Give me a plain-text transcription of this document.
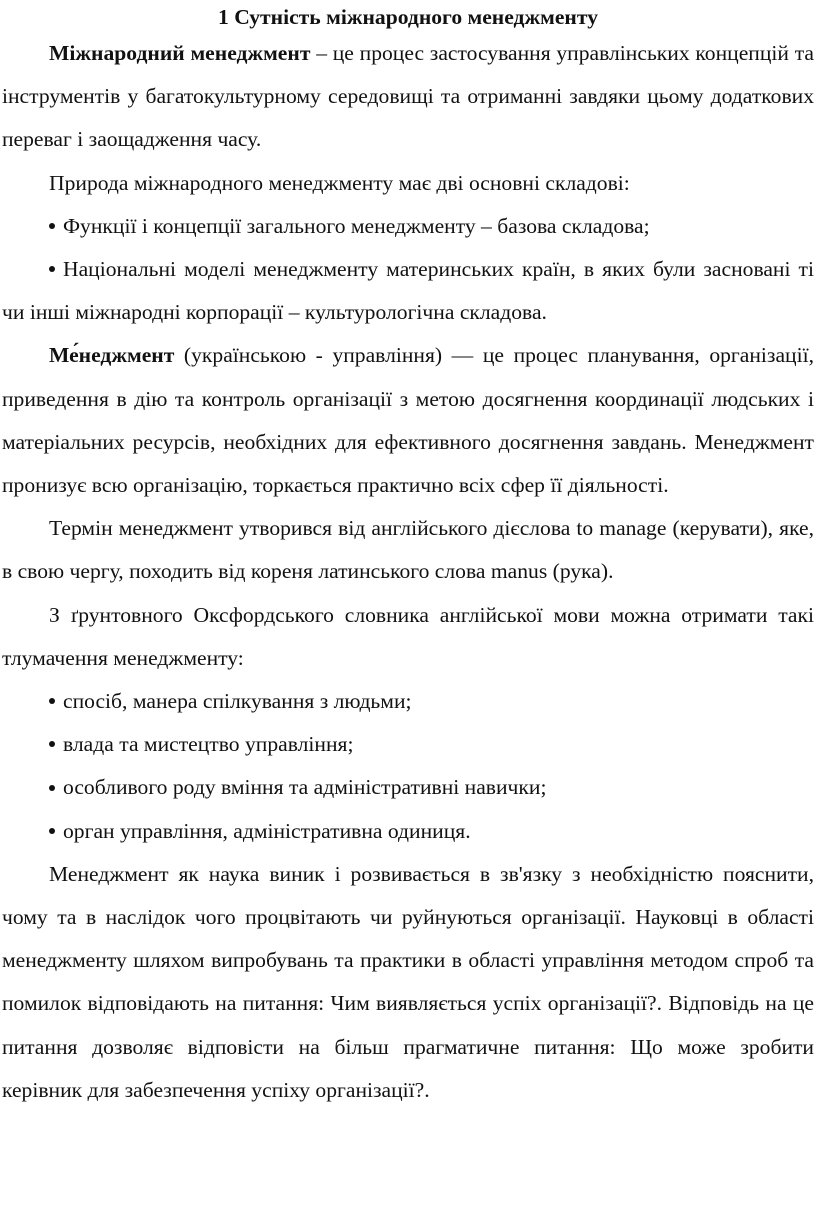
1 Сутність міжнародного менеджменту

Міжнародний менеджмент – це процес застосування управлінських концепцій та інструментів у багатокультурному середовищі та отриманні завдяки цьому додаткових переваг і заощадження часу.

Природа міжнародного менеджменту має дві основні складові:

Функції і концепції загального менеджменту – базова складова;

Національні моделі менеджменту материнських країн, в яких були засновані ті чи інші міжнародні корпорації – культурологічна складова.

Ме́неджмент (українською - управління) — це процес планування, організації, приведення в дію та контроль організації з метою досягнення координації людських і матеріальних ресурсів, необхідних для ефективного досягнення завдань. Менеджмент пронизує всю організацію, торкається практично всіх сфер її діяльності.

Термін менеджмент утворився від англійського дієслова to manage (керувати), яке, в свою чергу, походить від кореня латинського слова manus (рука).

З ґрунтовного Оксфордського словника англійської мови можна отримати такі тлумачення менеджменту:

спосіб, манера спілкування з людьми;

влада та мистецтво управління;

особливого роду вміння та адміністративні навички;

орган управління, адміністративна одиниця.

Менеджмент як наука виник і розвивається в зв'язку з необхідністю пояснити, чому та в наслідок чого процвітають чи руйнуються організації. Науковці в області менеджменту шляхом випробувань та практики в області управління методом спроб та помилок відповідають на питання: Чим виявляється успіх організації?. Відповідь на це питання дозволяє відповісти на більш прагматичне питання: Що може зробити керівник для забезпечення успіху організації?.
